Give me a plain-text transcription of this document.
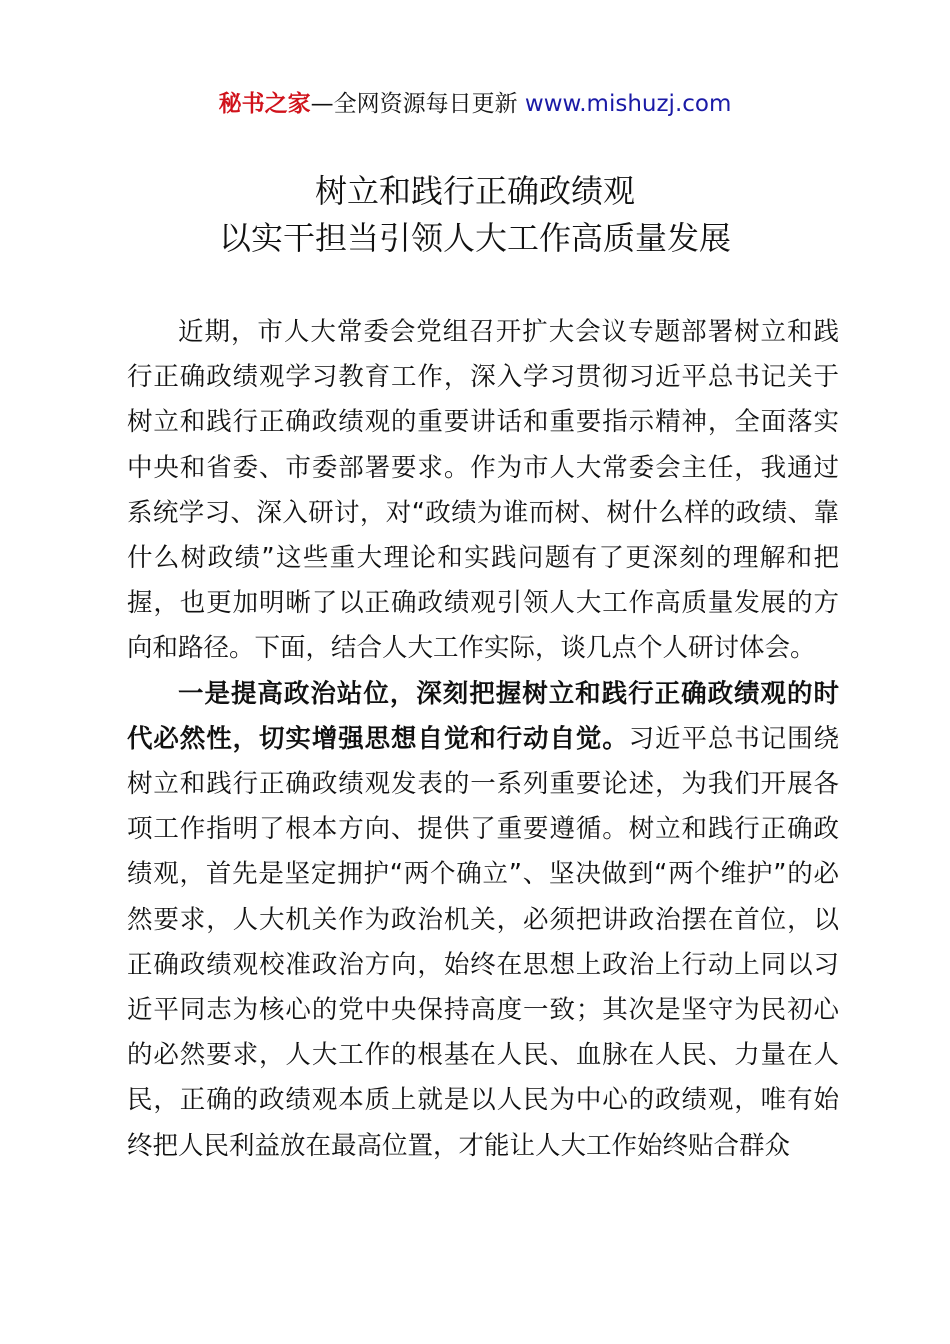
秘书之家—全网资源每日更新 www.mishuzj.com
树立和践行正确政绩观
以实干担当引领人大工作高质量发展

近期，市人大常委会党组召开扩大会议专题部署树立和践行正确政绩观学习教育工作，深入学习贯彻习近平总书记关于树立和践行正确政绩观的重要讲话和重要指示精神，全面落实中央和省委、市委部署要求。作为市人大常委会主任，我通过系统学习、深入研讨，对“政绩为谁而树、树什么样的政绩、靠什么树政绩”这些重大理论和实践问题有了更深刻的理解和把握，也更加明晰了以正确政绩观引领人大工作高质量发展的方向和路径。下面，结合人大工作实际，谈几点个人研讨体会。

一是提高政治站位，深刻把握树立和践行正确政绩观的时代必然性，切实增强思想自觉和行动自觉。习近平总书记围绕树立和践行正确政绩观发表的一系列重要论述，为我们开展各项工作指明了根本方向、提供了重要遵循。树立和践行正确政绩观，首先是坚定拥护“两个确立”、坚决做到“两个维护”的必然要求，人大机关作为政治机关，必须把讲政治摆在首位，以正确政绩观校准政治方向，始终在思想上政治上行动上同以习近平同志为核心的党中央保持高度一致；其次是坚守为民初心的必然要求，人大工作的根基在人民、血脉在人民、力量在人民，正确的政绩观本质上就是以人民为中心的政绩观，唯有始终把人民利益放在最高位置，才能让人大工作始终贴合群众
